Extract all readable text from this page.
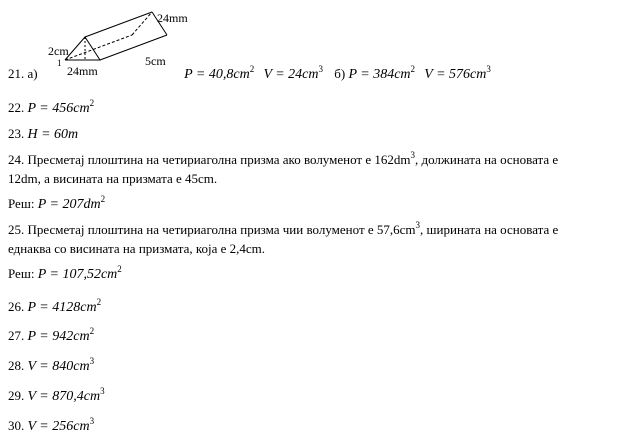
24mm
2cm
24mm
5cm
1
21. а)	$P = 40,8cm^2$ $V = 24cm^3$ б) $P = 384cm^2$ $V = 576cm^3$
22. $P = 456cm^2$
23. H = 60m
24. Пресметај плоштина на четириаголна призма ако волуменот е $162dm^3$, должината на основата е
12dm, а висината на призмата е 45cm.
Реш: $P = 207dm^2$
25. Пресметај плоштина на четириаголна призма чии волуменот е $57,6cm^3$, ширината на основата е
еднаква со висината на призмата, која е 2,4cm.
Реш: $P = 107,52cm^2$
26. $P = 4128cm^2$
27. $P = 942cm^2$
28. $V = 840cm^3$
29. $V = 870,4cm^3$
30. $V = 256cm^3$
